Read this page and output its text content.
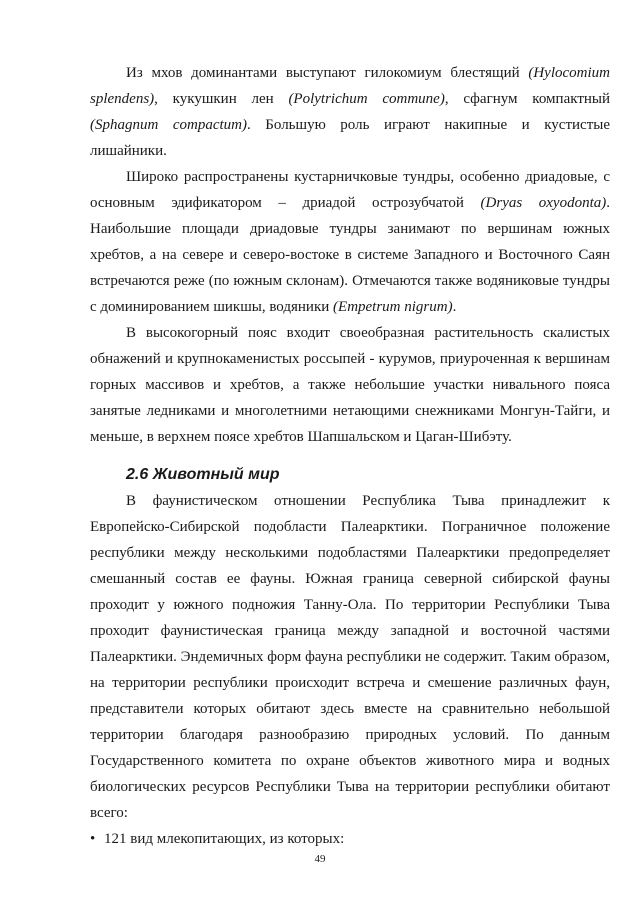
Из мхов доминантами выступают гилокомиум блестящий (Hylocomium splendens), кукушкин лен (Polytrichum commune), сфагнум компактный (Sphagnum compactum). Большую роль играют накипные и кустистые лишайники.

Широко распространены кустарничковые тундры, особенно дриадовые, с основным эдификатором – дриадой острозубчатой (Dryas oxyodonta). Наибольшие площади дриадовые тундры занимают по вершинам южных хребтов, а на севере и северо-востоке в системе Западного и Восточного Саян встречаются реже (по южным склонам). Отмечаются также водяниковые тундры с доминированием шикшы, водяники (Empetrum nigrum).

В высокогорный пояс входит своеобразная растительность скалистых обнажений и крупнокаменистых россыпей - курумов, приуроченная к вершинам горных массивов и хребтов, а также небольшие участки нивального пояса занятые ледниками и многолетними нетающими снежниками Монгун-Тайги, и меньше, в верхнем поясе хребтов Шапшальском и Цаган-Шибэту.

2.6 Животный мир

В фаунистическом отношении Республика Тыва принадлежит к Европейско-Сибирской подобласти Палеарктики. Пограничное положение республики между несколькими подобластями Палеарктики предопределяет смешанный состав ее фауны. Южная граница северной сибирской фауны проходит у южного подножия Танну-Ола. По территории Республики Тыва проходит фаунистическая граница между западной и восточной частями Палеарктики. Эндемичных форм фауна республики не содержит. Таким образом, на территории республики происходит встреча и смешение различных фаун, представители которых обитают здесь вместе на сравнительно небольшой территории благодаря разнообразию природных условий. По данным Государственного комитета по охране объектов животного мира и водных биологических ресурсов Республики Тыва на территории республики обитают всего:

• 121 вид млекопитающих, из которых:

49
